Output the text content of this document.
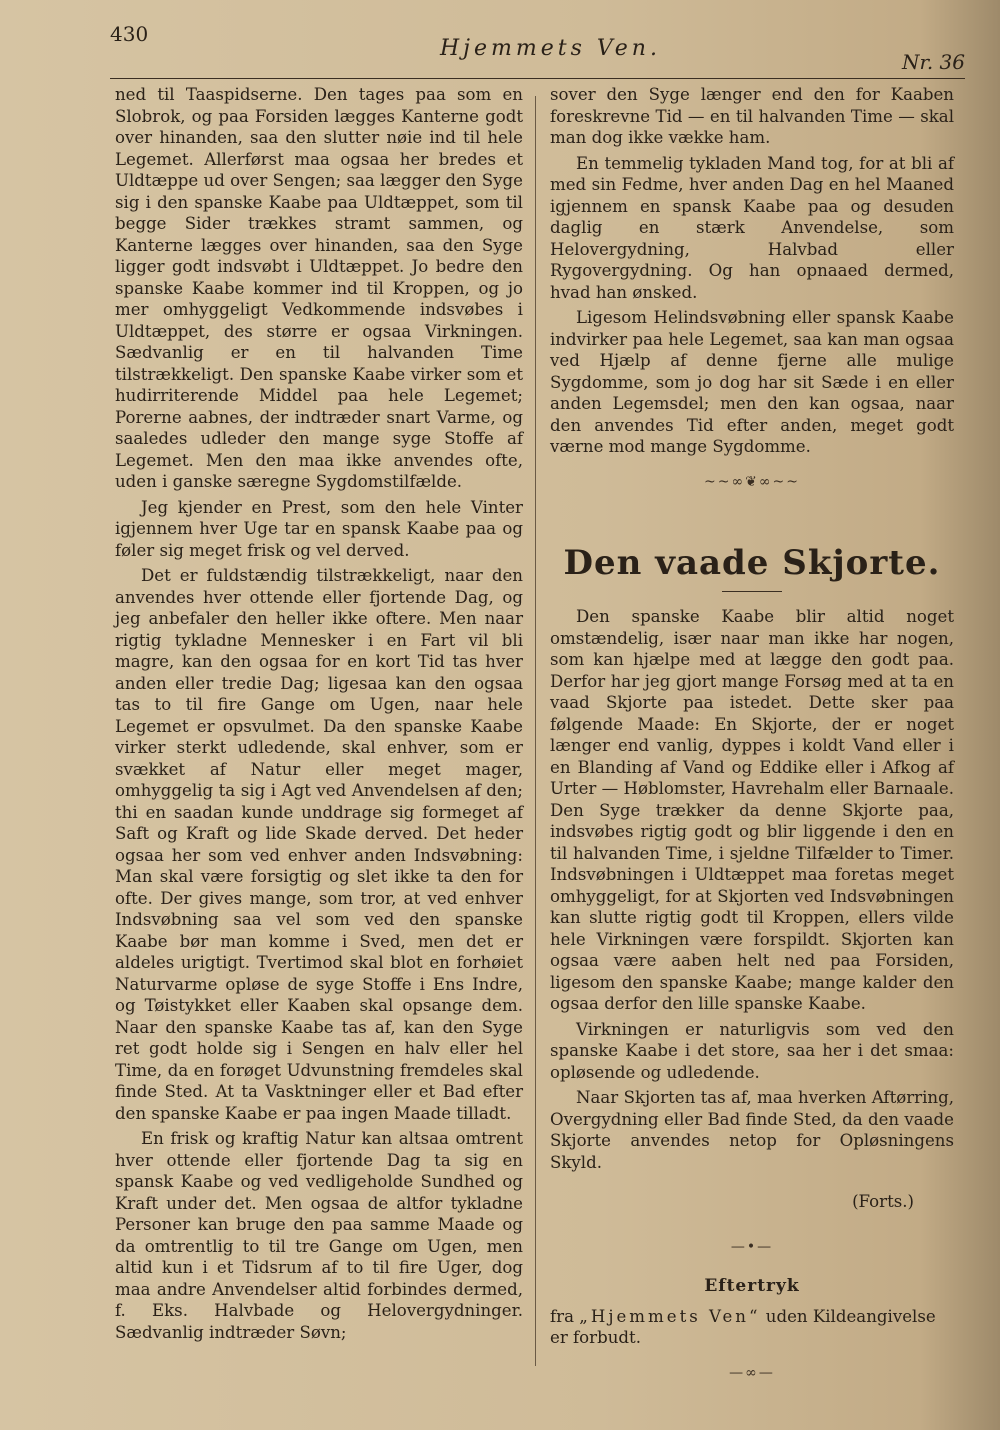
430
Hjemmets Ven.
Nr. 36

ned til Taaspidserne. Den tages paa som en Slobrok, og paa Forsiden lægges Kanterne godt over hinanden, saa den slutter nøie ind til hele Legemet. Allerførst maa ogsaa her bredes et Uldtæppe ud over Sengen; saa lægger den Syge sig i den spanske Kaabe paa Uldtæppet, som til begge Sider trækkes stramt sammen, og Kanterne lægges over hinanden, saa den Syge ligger godt indsvøbt i Uldtæppet. Jo bedre den spanske Kaabe kommer ind til Kroppen, og jo mer omhyggeligt Vedkommende indsvøbes i Uldtæppet, des større er ogsaa Virkningen. Sædvanlig er en til halvanden Time tilstrækkeligt. Den spanske Kaabe virker som et hudirriterende Middel paa hele Legemet; Porerne aabnes, der indtræder snart Varme, og saaledes udleder den mange syge Stoffe af Legemet. Men den maa ikke anvendes ofte, uden i ganske særegne Sygdomstilfælde.

Jeg kjender en Prest, som den hele Vinter igjennem hver Uge tar en spansk Kaabe paa og føler sig meget frisk og vel derved.

Det er fuldstændig tilstrækkeligt, naar den anvendes hver ottende eller fjortende Dag, og jeg anbefaler den heller ikke oftere. Men naar rigtig tykladne Mennesker i en Fart vil bli magre, kan den ogsaa for en kort Tid tas hver anden eller tredie Dag; ligesaa kan den ogsaa tas to til fire Gange om Ugen, naar hele Legemet er opsvulmet. Da den spanske Kaabe virker sterkt udledende, skal enhver, som er svækket af Natur eller meget mager, omhyggelig ta sig i Agt ved Anvendelsen af den; thi en saadan kunde unddrage sig formeget af Saft og Kraft og lide Skade derved. Det heder ogsaa her som ved enhver anden Indsvøbning: Man skal være forsigtig og slet ikke ta den for ofte. Der gives mange, som tror, at ved enhver Indsvøbning saa vel som ved den spanske Kaabe bør man komme i Sved, men det er aldeles urigtigt. Tvertimod skal blot en forhøiet Naturvarme opløse de syge Stoffe i Ens Indre, og Tøistykket eller Kaaben skal opsange dem. Naar den spanske Kaabe tas af, kan den Syge ret godt holde sig i Sengen en halv eller hel Time, da en forøget Udvunstning fremdeles skal finde Sted. At ta Vasktninger eller et Bad efter den spanske Kaabe er paa ingen Maade tilladt.

En frisk og kraftig Natur kan altsaa omtrent hver ottende eller fjortende Dag ta sig en spansk Kaabe og ved vedligeholde Sundhed og Kraft under det. Men ogsaa de altfor tykladne Personer kan bruge den paa samme Maade og da omtrentlig to til tre Gange om Ugen, men altid kun i et Tidsrum af to til fire Uger, dog maa andre Anvendelser altid forbindes dermed, f. Eks. Halvbade og Helovergydninger. Sædvanlig indtræder Søvn;

sover den Syge længer end den for Kaaben foreskrevne Tid — en til halvanden Time — skal man dog ikke vække ham.

En temmelig tykladen Mand tog, for at bli af med sin Fedme, hver anden Dag en hel Maaned igjennem en spansk Kaabe paa og desuden daglig en stærk Anvendelse, som Helovergydning, Halvbad eller Rygovergydning. Og han opnaaed dermed, hvad han ønsked.

Ligesom Helindsvøbning eller spansk Kaabe indvirker paa hele Legemet, saa kan man ogsaa ved Hjælp af denne fjerne alle mulige Sygdomme, som jo dog har sit Sæde i en eller anden Legemsdel; men den kan ogsaa, naar den anvendes Tid efter anden, meget godt værne mod mange Sygdomme.

~~∞❦∞~~
Den vaade Skjorte.

Den spanske Kaabe blir altid noget omstændelig, især naar man ikke har nogen, som kan hjælpe med at lægge den godt paa. Derfor har jeg gjort mange Forsøg med at ta en vaad Skjorte paa istedet. Dette sker paa følgende Maade: En Skjorte, der er noget længer end vanlig, dyppes i koldt Vand eller i en Blanding af Vand og Eddike eller i Afkog af Urter — Høblomster, Havrehalm eller Barnaale. Den Syge trækker da denne Skjorte paa, indsvøbes rigtig godt og blir liggende i den en til halvanden Time, i sjeldne Tilfælder to Timer. Indsvøbningen i Uldtæppet maa foretas meget omhyggeligt, for at Skjorten ved Indsvøbningen kan slutte rigtig godt til Kroppen, ellers vilde hele Virkningen være forspildt. Skjorten kan ogsaa være aaben helt ned paa Forsiden, ligesom den spanske Kaabe; mange kalder den ogsaa derfor den lille spanske Kaabe.

Virkningen er naturligvis som ved den spanske Kaabe i det store, saa her i det smaa: opløsende og udledende.

Naar Skjorten tas af, maa hverken Aftørring, Overgydning eller Bad finde Sted, da den vaade Skjorte anvendes netop for Opløsningens Skyld.

(Forts.)
—•—
Eftertryk

fra „Hjemmets Ven“ uden Kildeangivelse er forbudt.

—∞—
